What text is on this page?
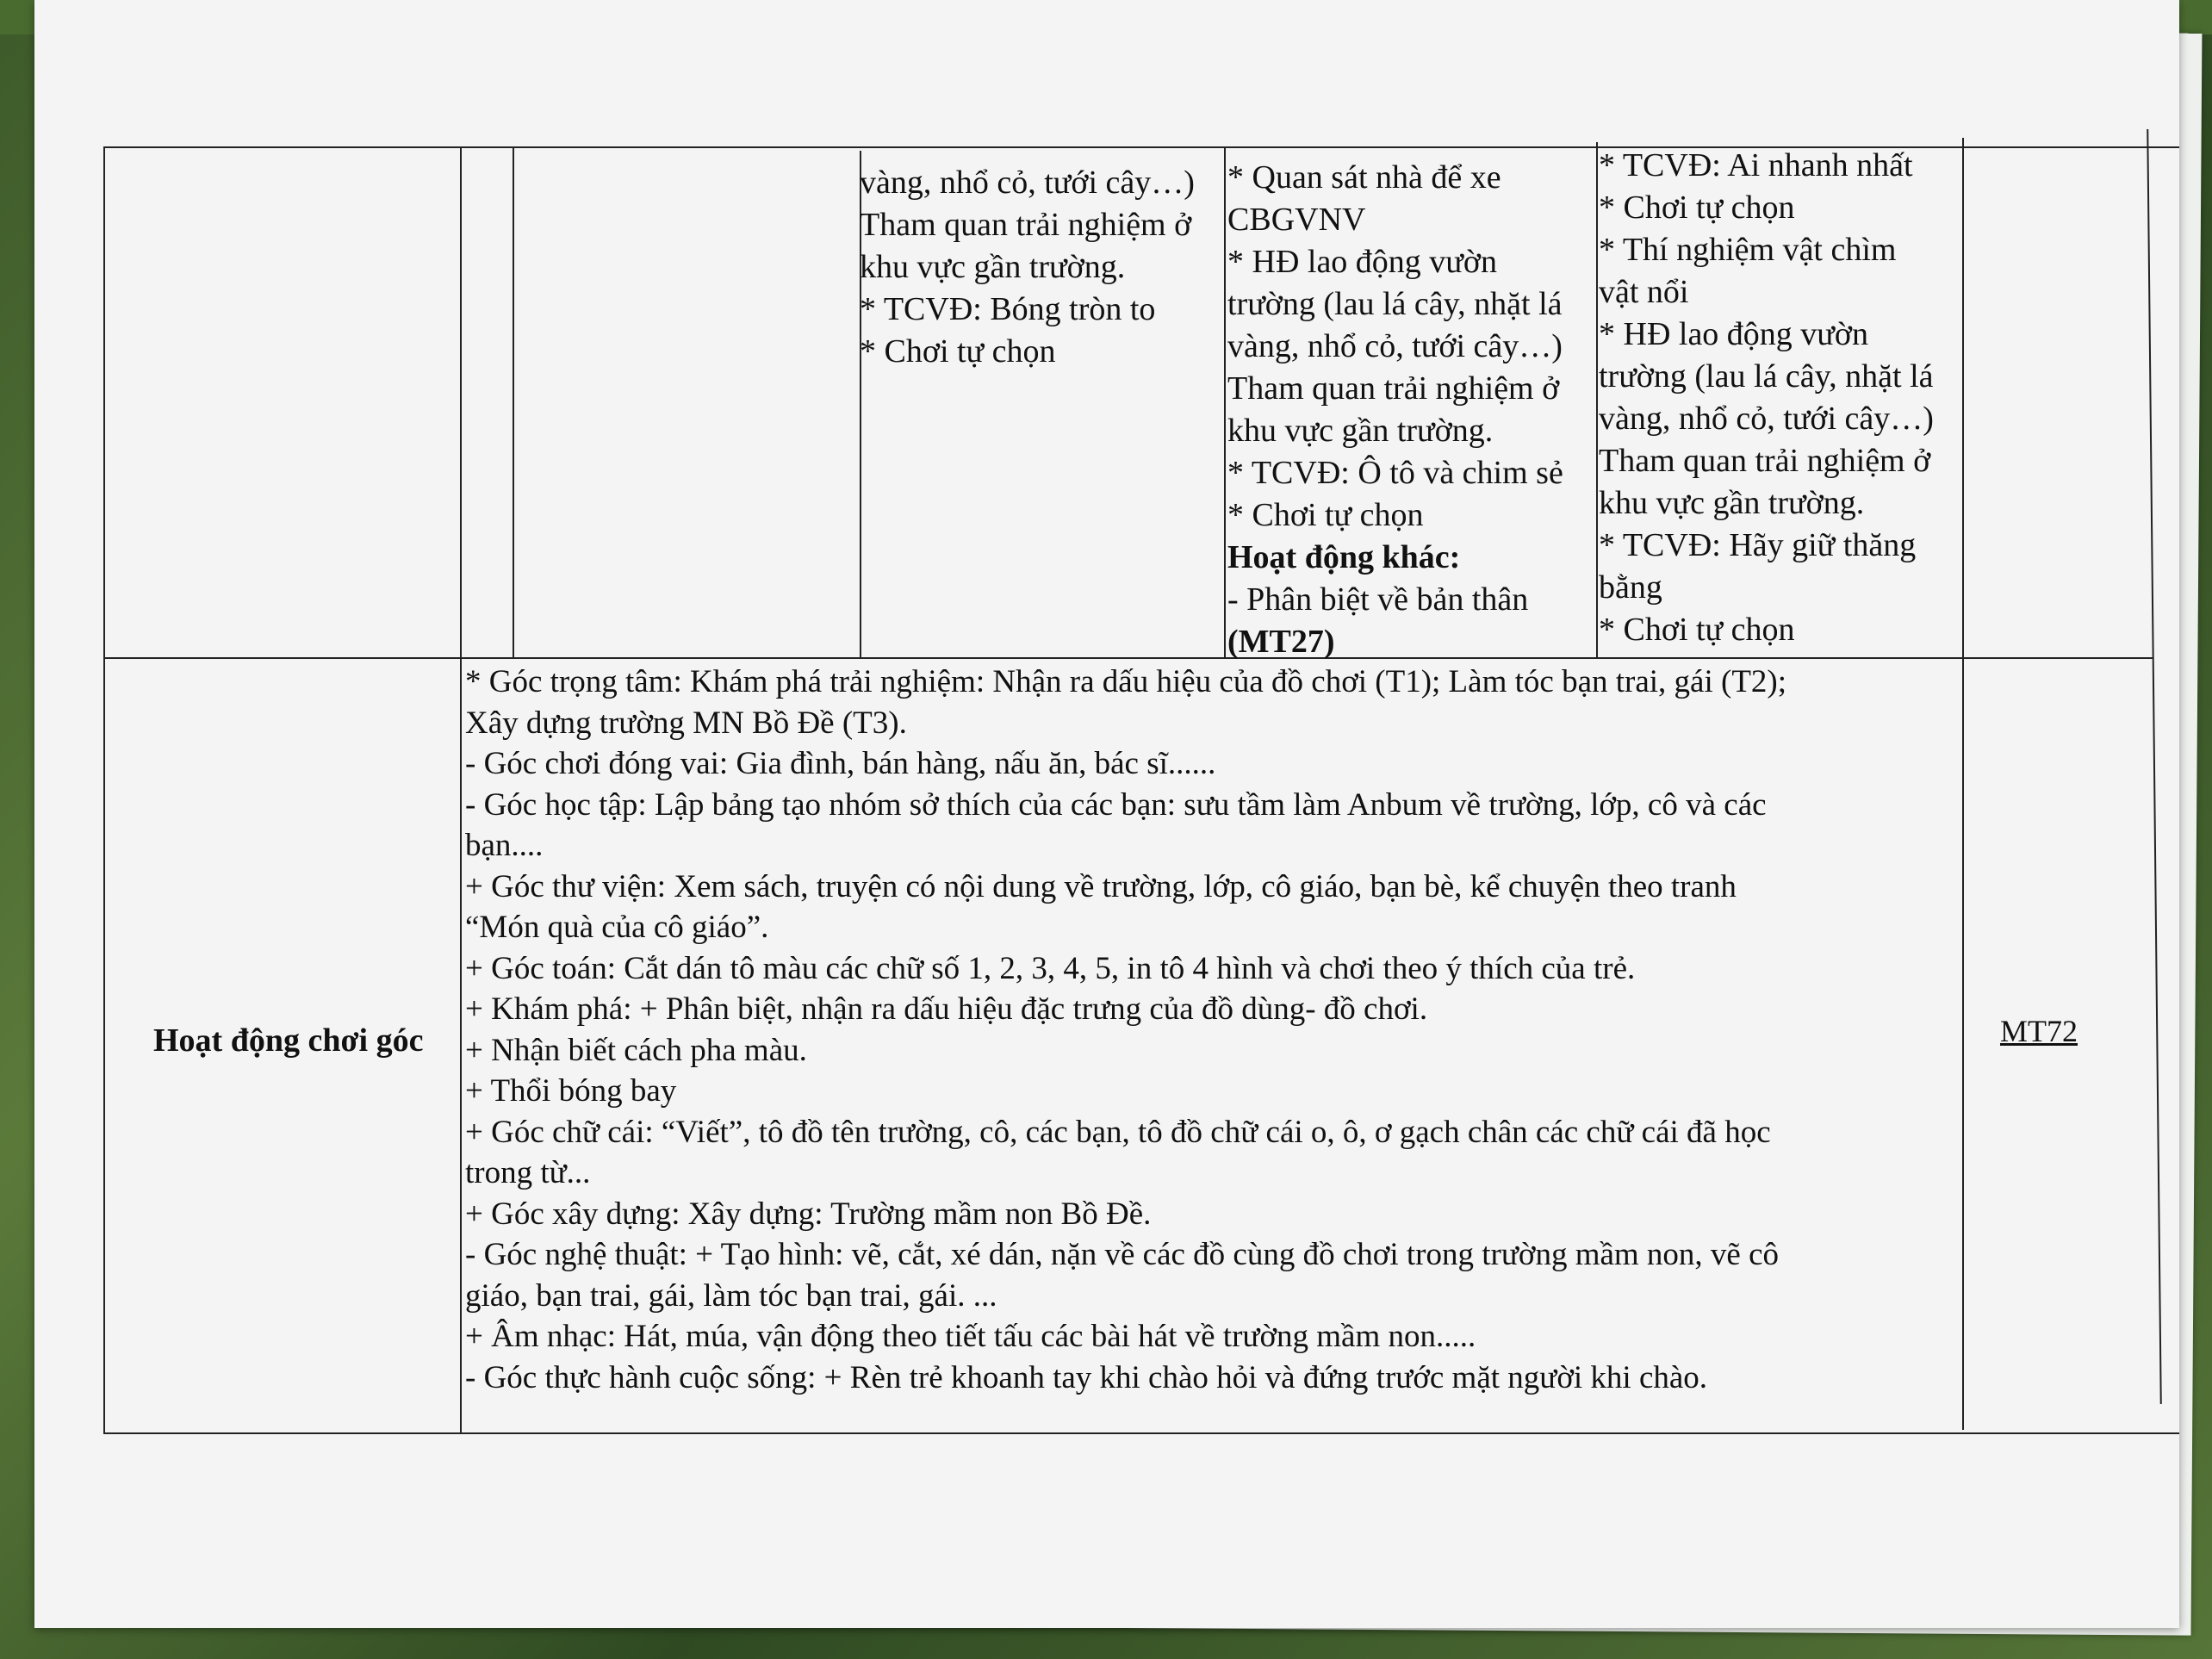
vàng, nhổ cỏ, tưới cây…)
Tham quan trải nghiệm ở
khu vực gần trường.
* TCVĐ: Bóng tròn to
* Chơi tự chọn
* Quan sát nhà để xe
CBGVNV
* HĐ lao động vườn
trường (lau lá cây, nhặt lá
vàng, nhổ cỏ, tưới cây…)
Tham quan trải nghiệm ở
khu vực gần trường.
* TCVĐ: Ô tô và chim sẻ
* Chơi tự chọn
Hoạt động khác:
- Phân biệt về bản thân
(MT27)
* TCVĐ: Ai nhanh nhất
* Chơi tự chọn
* Thí nghiệm vật chìm
vật nổi
* HĐ lao động vườn
trường (lau lá cây, nhặt lá
vàng, nhổ cỏ, tưới cây…)
Tham quan trải nghiệm ở
khu vực gần trường.
* TCVĐ: Hãy giữ thăng
bằng
* Chơi tự chọn
Hoạt động chơi góc
* Góc trọng tâm: Khám phá trải nghiệm: Nhận ra dấu hiệu của đồ chơi (T1); Làm tóc bạn trai, gái (T2);
Xây dựng trường MN Bồ Đề (T3).
- Góc chơi đóng vai: Gia đình, bán hàng, nấu ăn, bác sĩ......
- Góc học tập: Lập bảng tạo nhóm sở thích của các bạn: sưu tầm làm Anbum về trường, lớp, cô và các
bạn....
+ Góc thư viện: Xem sách, truyện có nội dung về trường, lớp, cô giáo, bạn bè, kể chuyện theo tranh
“Món quà của cô giáo”.
+ Góc toán: Cắt dán tô màu các chữ số 1, 2, 3, 4, 5, in tô 4 hình và chơi theo ý thích của trẻ.
+ Khám phá: + Phân biệt, nhận ra dấu hiệu đặc trưng của đồ dùng- đồ chơi.
+ Nhận biết cách pha màu.
+ Thổi bóng bay
+ Góc chữ cái: “Viết”, tô đồ tên trường, cô, các bạn, tô đồ chữ cái o, ô, ơ gạch chân các chữ cái đã học
trong từ...
+ Góc xây dựng: Xây dựng: Trường mầm non Bồ Đề.
- Góc nghệ thuật: + Tạo hình: vẽ, cắt, xé dán, nặn về các đồ cùng đồ chơi trong trường mầm non, vẽ cô
giáo, bạn trai, gái, làm tóc bạn trai, gái. ...
+ Âm nhạc: Hát, múa, vận động theo tiết tấu các bài hát về trường mầm non.....
- Góc thực hành cuộc sống: + Rèn trẻ khoanh tay khi chào hỏi và đứng trước mặt người khi chào.
MT72
